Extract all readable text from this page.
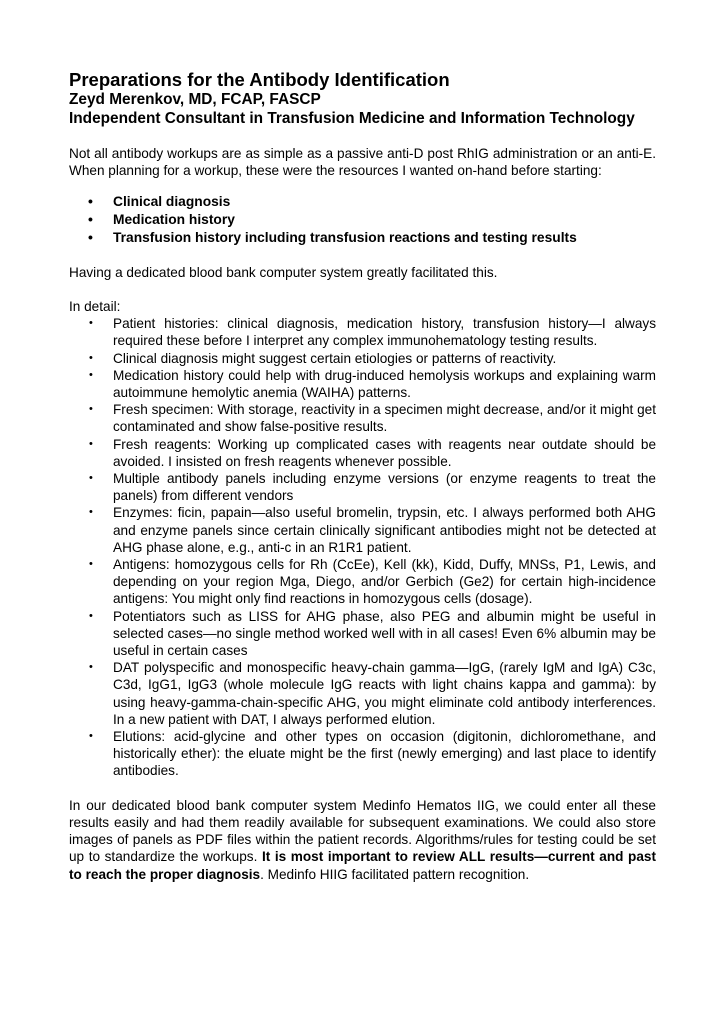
Preparations for the Antibody Identification
Zeyd Merenkov, MD, FCAP, FASCP
Independent Consultant in Transfusion Medicine and Information Technology

Not all antibody workups are as simple as a passive anti-D post RhIG administration or an anti-E. When planning for a workup, these were the resources I wanted on-hand before starting:

• Clinical diagnosis
• Medication history
• Transfusion history including transfusion reactions and testing results

Having a dedicated blood bank computer system greatly facilitated this.

In detail:

• Patient histories: clinical diagnosis, medication history, transfusion history—I always required these before I interpret any complex immunohematology testing results.
• Clinical diagnosis might suggest certain etiologies or patterns of reactivity.
• Medication history could help with drug-induced hemolysis workups and explaining warm autoimmune hemolytic anemia (WAIHA) patterns.
• Fresh specimen: With storage, reactivity in a specimen might decrease, and/or it might get contaminated and show false-positive results.
• Fresh reagents: Working up complicated cases with reagents near outdate should be avoided. I insisted on fresh reagents whenever possible.
• Multiple antibody panels including enzyme versions (or enzyme reagents to treat the panels) from different vendors
• Enzymes: ficin, papain—also useful bromelin, trypsin, etc. I always performed both AHG and enzyme panels since certain clinically significant antibodies might not be detected at AHG phase alone, e.g., anti-c in an R1R1 patient.
• Antigens: homozygous cells for Rh (CcEe), Kell (kk), Kidd, Duffy, MNSs, P1, Lewis, and depending on your region Mga, Diego, and/or Gerbich (Ge2) for certain high-incidence antigens: You might only find reactions in homozygous cells (dosage).
• Potentiators such as LISS for AHG phase, also PEG and albumin might be useful in selected cases—no single method worked well with in all cases! Even 6% albumin may be useful in certain cases
• DAT polyspecific and monospecific heavy-chain gamma—IgG, (rarely IgM and IgA) C3c, C3d, IgG1, IgG3 (whole molecule IgG reacts with light chains kappa and gamma): by using heavy-gamma-chain-specific AHG, you might eliminate cold antibody interferences. In a new patient with DAT, I always performed elution.
• Elutions: acid-glycine and other types on occasion (digitonin, dichloromethane, and historically ether): the eluate might be the first (newly emerging) and last place to identify antibodies.

In our dedicated blood bank computer system Medinfo Hematos IIG, we could enter all these results easily and had them readily available for subsequent examinations. We could also store images of panels as PDF files within the patient records. Algorithms/rules for testing could be set up to standardize the workups. It is most important to review ALL results—current and past to reach the proper diagnosis. Medinfo HIIG facilitated pattern recognition.
